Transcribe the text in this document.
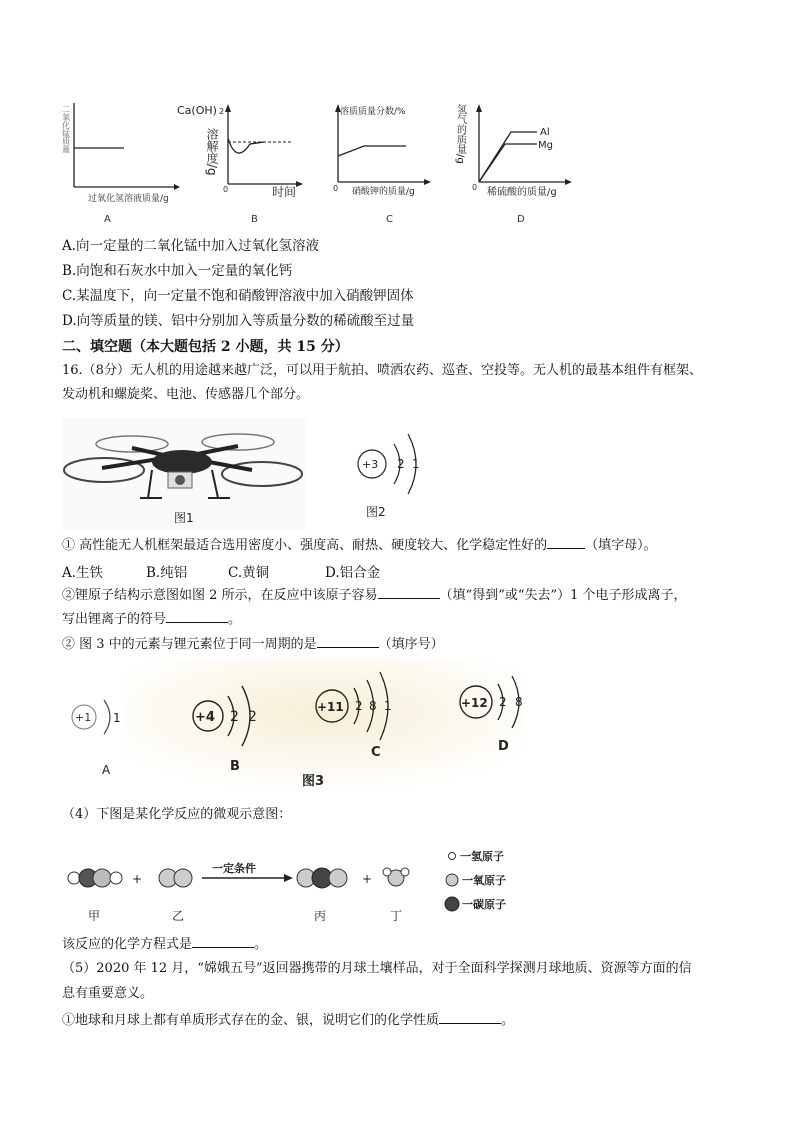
二氧化锰质量
过氧化氢溶液质量/g
A
Ca(OH) 2
溶解度/g
0	时间
B
溶质质量分数/%
0 硝酸钾的质量/g
C
氢气的质量/g	Al
Mg
0 稀硫酸的质量/g
D
A.向一定量的二氧化锰中加入过氧化氢溶液
B.向饱和石灰水中加入一定量的氧化钙
C.某温度下，向一定量不饱和硝酸钾溶液中加入硝酸钾固体
D.向等质量的镁、铝中分别加入等质量分数的稀硫酸至过量
二、填空题（本大题包括 2 小题，共 15 分）
16.（8分）无人机的用途越来越广泛，可以用于航拍、喷洒农药、巡查、空投等。无人机的最基本组件有框架、
发动机和螺旋桨、电池、传感器几个部分。
图1
+3 2 1
图2
① 高性能无人机框架最适合选用密度小、强度高、耐热、硬度较大、化学稳定性好的	（填字母）。
A.生铁	B.纯铝	C.黄铜	D.铝合金
②锂原子结构示意图如图 2 所示，在反应中该原子容易	（填“得到”或“失去”）1 个电子形成离子，
写出锂离子的符号	。
② 图 3 中的元素与锂元素位于同一周期的是	（填序号）
+1 1
A
+4 2 2
B
+11 2 8 1
C
+12 2 8
D
图3
（4）下图是某化学反应的微观示意图：
+
一定条件
+
甲	乙	丙	丁
一氢原子
一氧原子
一碳原子
该反应的化学方程式是	。
（5）2020 年 12 月，“嫦娥五号”返回器携带的月球土壤样品，对于全面科学探测月球地质、资源等方面的信
息有重要意义。
①地球和月球上都有单质形式存在的金、银，说明它们的化学性质	。
